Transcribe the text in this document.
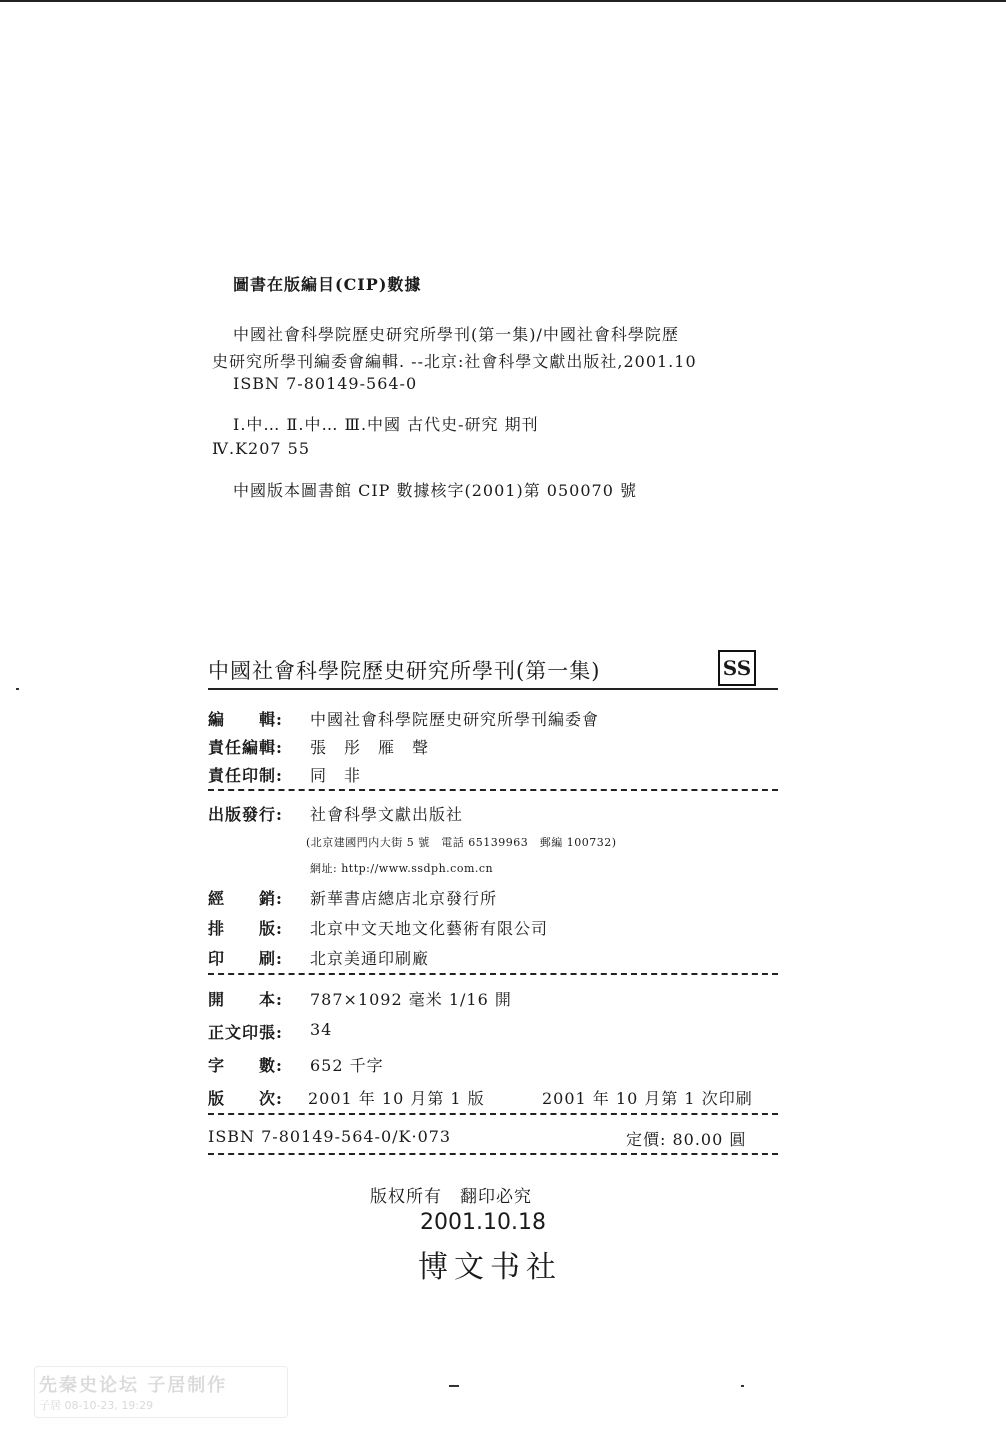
圖書在版編目(CIP)數據
中國社會科學院歷史研究所學刊(第一集)/中國社會科學院歷
史研究所學刊編委會編輯. --北京:社會科學文獻出版社,2001.10
ISBN 7-80149-564-0
Ⅰ.中… Ⅱ.中… Ⅲ.中國 古代史-研究 期刊
Ⅳ.K207 55
中國版本圖書館 CIP 數據核字(2001)第 050070 號
中國社會科學院歷史研究所學刊(第一集)	SS
編　　輯: 中國社會科學院歷史研究所學刊編委會
責任編輯: 張　彤　雁　聲
責任印制: 同　非
出版發行: 社會科學文獻出版社
(北京建國門内大街 5 號　電話 65139963　郵編 100732)
網址: http://www.ssdph.com.cn
經　　銷: 新華書店總店北京發行所
排　　版: 北京中文天地文化藝術有限公司
印　　刷: 北京美通印刷廠
開　　本: 787×1092 毫米 1/16 開
正文印張: 34
字　　數: 652 千字
版　　次: 2001 年 10 月第 1 版	2001 年 10 月第 1 次印刷
ISBN 7-80149-564-0/K·073	定價: 80.00 圓
版权所有　翻印必究
2001.10.18
博文书社
先秦史论坛 子居制作
子居 08-10-23, 19:29
